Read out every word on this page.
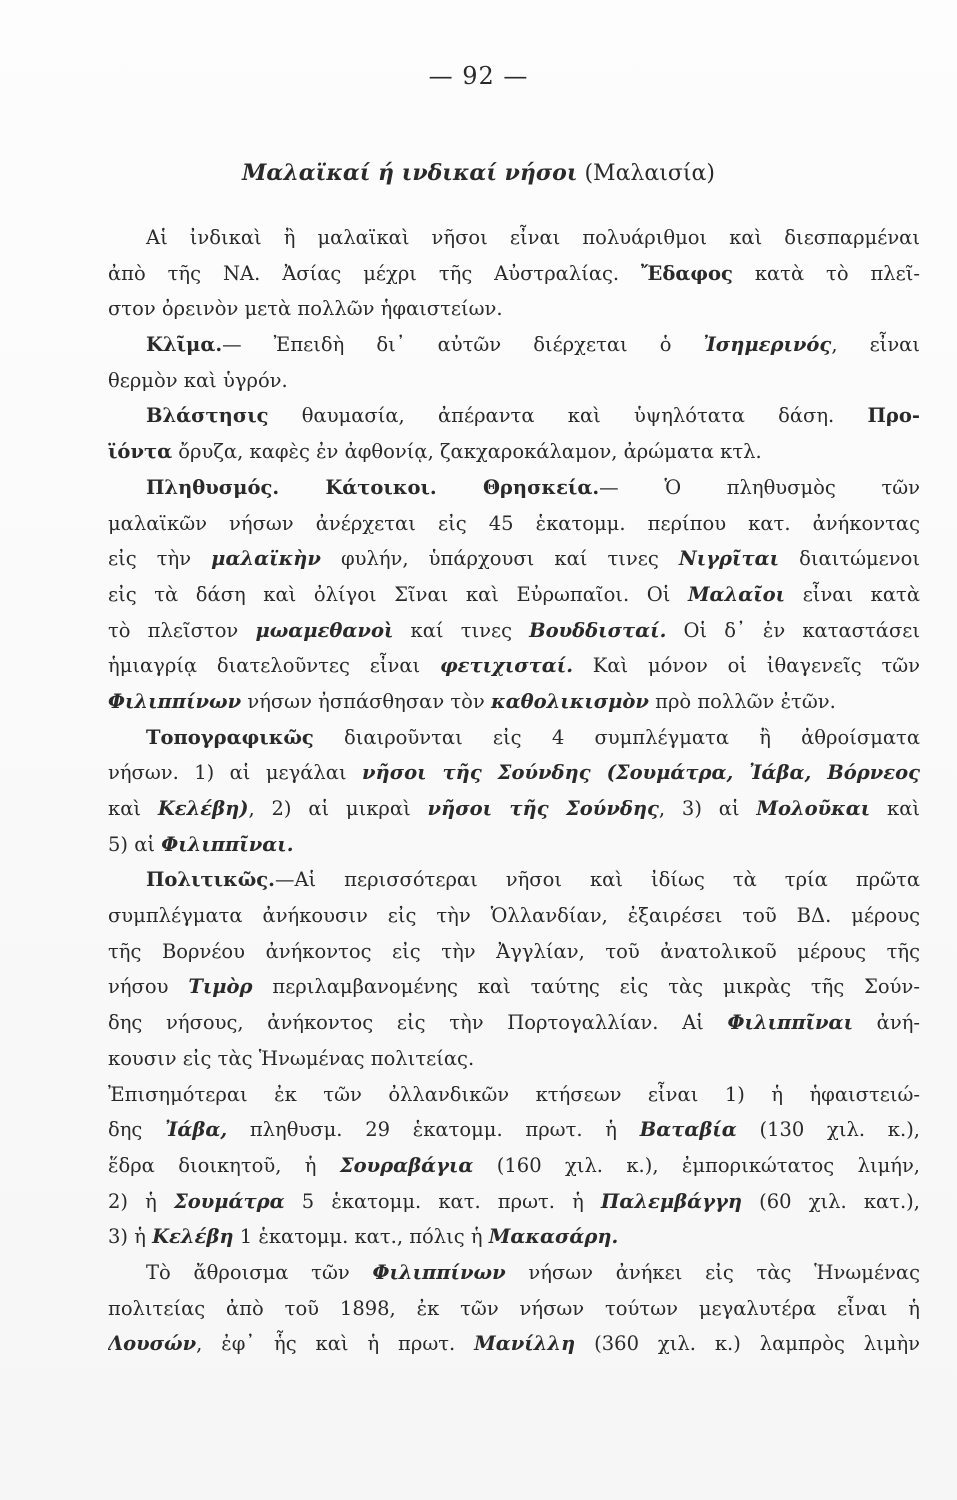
— 92 —
Μαλαϊκαί ή ινδικαί νήσοι (Μαλαισία)
Αἱ ἰνδικαὶ ἢ μαλαϊκαὶ νῆσοι εἶναι πολυάριθμοι καὶ διεσπαρμέναι
ἀπὸ τῆς ΝΑ. Ἀσίας μέχρι τῆς Αὐστραλίας. Ἔδαφος κατὰ τὸ πλεῖ-
στον ὀρεινὸν μετὰ πολλῶν ἡφαιστείων.
Κλῖμα.— Ἐπειδὴ δι᾽ αὐτῶν διέρχεται ὁ Ἰσημερινός, εἶναι
θερμὸν καὶ ὑγρόν.
Βλάστησις θαυμασία, ἀπέραντα καὶ ὑψηλότατα δάση. Προ-
ϊόντα ὄρυζα, καφὲς ἐν ἀφθονίᾳ, ζακχαροκάλαμον, ἀρώματα κτλ.
Πληθυσμός. Κάτοικοι. Θρησκεία.— Ὁ πληθυσμὸς τῶν
μαλαϊκῶν νήσων ἀνέρχεται εἰς 45 ἑκατομμ. περίπου κατ. ἀνήκοντας
εἰς τὴν μαλαϊκὴν φυλήν, ὑπάρχουσι καί τινες Νιγρῖται διαιτώμενοι
εἰς τὰ δάση καὶ ὀλίγοι Σῖναι καὶ Εὐρωπαῖοι. Οἱ Μαλαῖοι εἶναι κατὰ
τὸ πλεῖστον μωαμεθανοὶ καί τινες Βουδδισταί. Οἱ δ᾽ ἐν καταστάσει
ἡμιαγρίᾳ διατελοῦντες εἶναι φετιχισταί. Καὶ μόνον οἱ ἰθαγενεῖς τῶν
Φιλιππίνων νήσων ἠσπάσθησαν τὸν καθολικισμὸν πρὸ πολλῶν ἐτῶν.
Τοπογραφικῶς διαιροῦνται εἰς 4 συμπλέγματα ἢ ἀθροίσματα
νήσων. 1) αἱ μεγάλαι νῆσοι τῆς Σούνδης (Σουμάτρα, Ἰάβα, Βόρνεος
καὶ Κελέβη), 2) αἱ μικραὶ νῆσοι τῆς Σούνδης, 3) αἱ Μολοῦκαι καὶ
5) αἱ Φιλιππῖναι.
Πολιτικῶς.—Αἱ περισσότεραι νῆσοι καὶ ἰδίως τὰ τρία πρῶτα
συμπλέγματα ἀνήκουσιν εἰς τὴν Ὁλλανδίαν, ἐξαιρέσει τοῦ ΒΔ. μέρους
τῆς Βορνέου ἀνήκοντος εἰς τὴν Ἀγγλίαν, τοῦ ἀνατολικοῦ μέρους τῆς
νήσου Τιμὸρ περιλαμβανομένης καὶ ταύτης εἰς τὰς μικρὰς τῆς Σούν-
δης νήσους, ἀνήκοντος εἰς τὴν Πορτογαλλίαν. Αἱ Φιλιππῖναι ἀνή-
κουσιν εἰς τὰς Ἡνωμένας πολιτείας.
Ἐπισημότεραι ἐκ τῶν ὀλλανδικῶν κτήσεων εἶναι 1) ἡ ἡφαιστειώ-
δης Ἰάβα, πληθυσμ. 29 ἑκατομμ. πρωτ. ἡ Βαταβία (130 χιλ. κ.),
ἕδρα διοικητοῦ, ἡ Σουραβάγια (160 χιλ. κ.), ἐμπορικώτατος λιμήν,
2) ἡ Σουμάτρα 5 ἑκατομμ. κατ. πρωτ. ἡ Παλεμβάγγη (60 χιλ. κατ.),
3) ἡ Κελέβη 1 ἑκατομμ. κατ., πόλις ἡ Μακασάρη.
Τὸ ἄθροισμα τῶν Φιλιππίνων νήσων ἀνήκει εἰς τὰς Ἡνωμένας
πολιτείας ἀπὸ τοῦ 1898, ἐκ τῶν νήσων τούτων μεγαλυτέρα εἶναι ἡ
Λουσών, ἐφ᾽ ἧς καὶ ἡ πρωτ. Μανίλλη (360 χιλ. κ.) λαμπρὸς λιμὴν
